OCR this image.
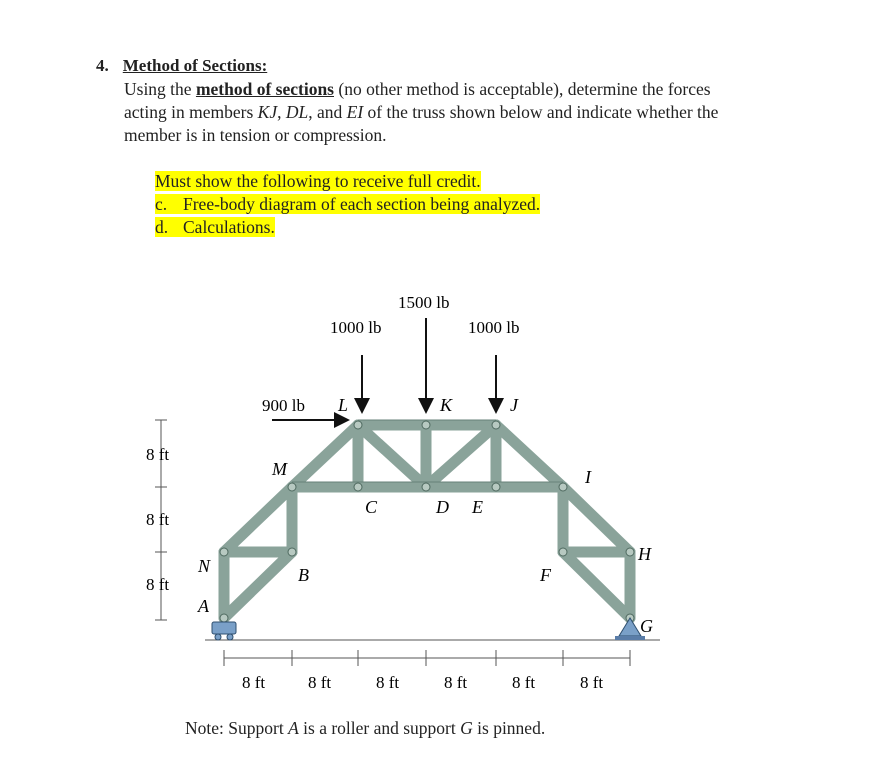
4. Method of Sections:
Using the method of sections (no other method is acceptable), determine the forces
acting in members KJ, DL, and EI of the truss shown below and indicate whether the
member is in tension or compression.
Must show the following to receive full credit.
c. Free-body diagram of each section being analyzed.
d. Calculations.
1500 lb
1000 lb	1000 lb
900 lb L	K	J
M
C	D E
I
N	B	F
H
A
G
8 ft
8 ft
8 ft
8 ft	8 ft	8 ft	8 ft	8 ft	8 ft
Note: Support A is a roller and support G is pinned.
